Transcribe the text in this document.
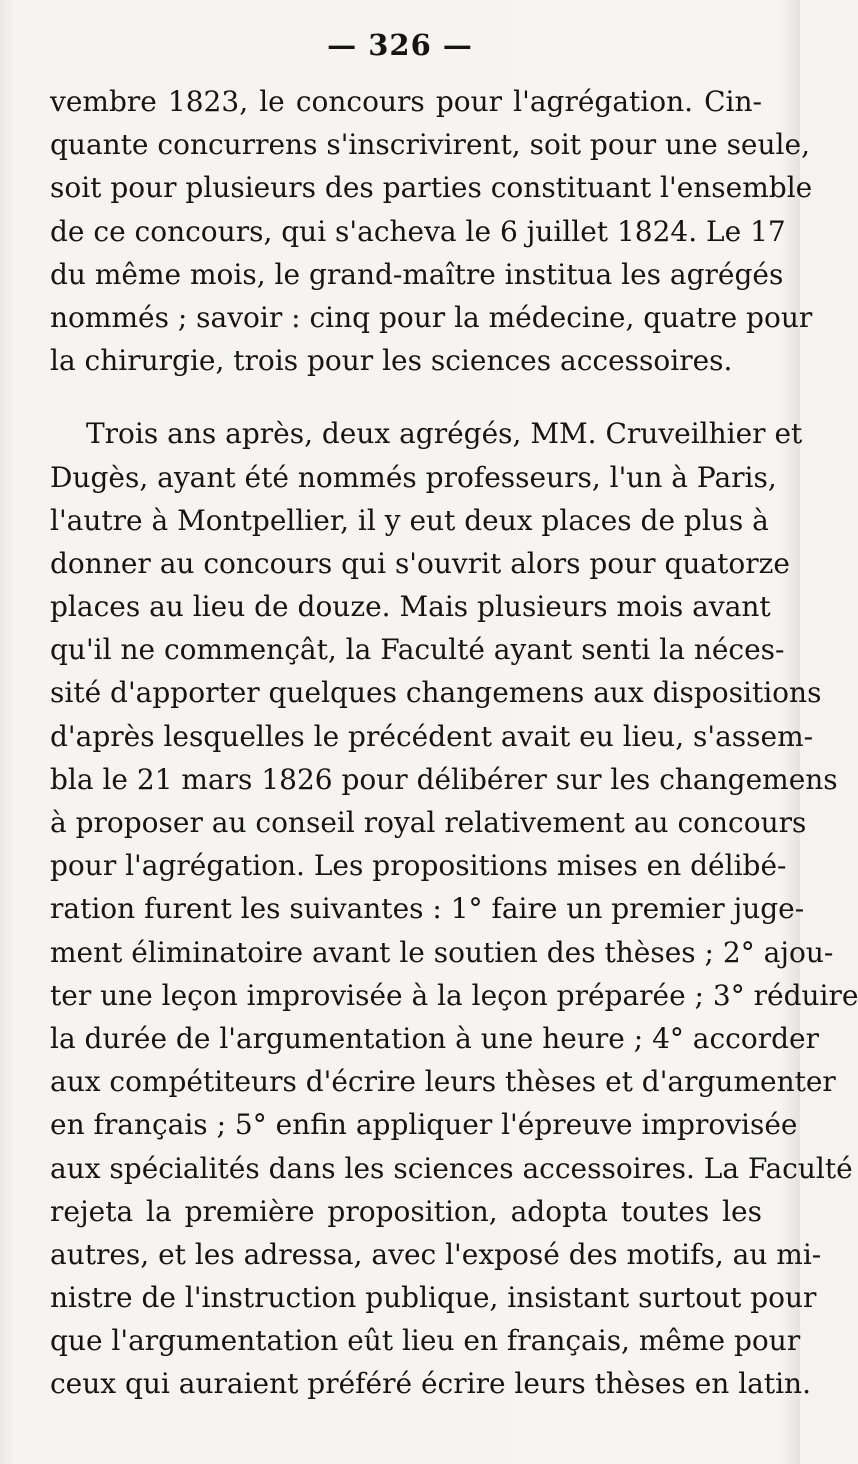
— 326 —
vembre 1823, le concours pour l'agrégation. Cin-
quante concurrens s'inscrivirent, soit pour une seule,
soit pour plusieurs des parties constituant l'ensemble
de ce concours, qui s'acheva le 6 juillet 1824. Le 17
du même mois, le grand-maître institua les agrégés
nommés ; savoir : cinq pour la médecine, quatre pour
la chirurgie, trois pour les sciences accessoires.
Trois ans après, deux agrégés, MM. Cruveilhier et
Dugès, ayant été nommés professeurs, l'un à Paris,
l'autre à Montpellier, il y eut deux places de plus à
donner au concours qui s'ouvrit alors pour quatorze
places au lieu de douze. Mais plusieurs mois avant
qu'il ne commençât, la Faculté ayant senti la néces-
sité d'apporter quelques changemens aux dispositions
d'après lesquelles le précédent avait eu lieu, s'assem-
bla le 21 mars 1826 pour délibérer sur les changemens
à proposer au conseil royal relativement au concours
pour l'agrégation. Les propositions mises en délibé-
ration furent les suivantes : 1° faire un premier juge-
ment éliminatoire avant le soutien des thèses ; 2° ajou-
ter une leçon improvisée à la leçon préparée ; 3° réduire
la durée de l'argumentation à une heure ; 4° accorder
aux compétiteurs d'écrire leurs thèses et d'argumenter
en français ; 5° enfin appliquer l'épreuve improvisée
aux spécialités dans les sciences accessoires. La Faculté
rejeta la première proposition, adopta toutes les
autres, et les adressa, avec l'exposé des motifs, au mi-
nistre de l'instruction publique, insistant surtout pour
que l'argumentation eût lieu en français, même pour
ceux qui auraient préféré écrire leurs thèses en latin.
